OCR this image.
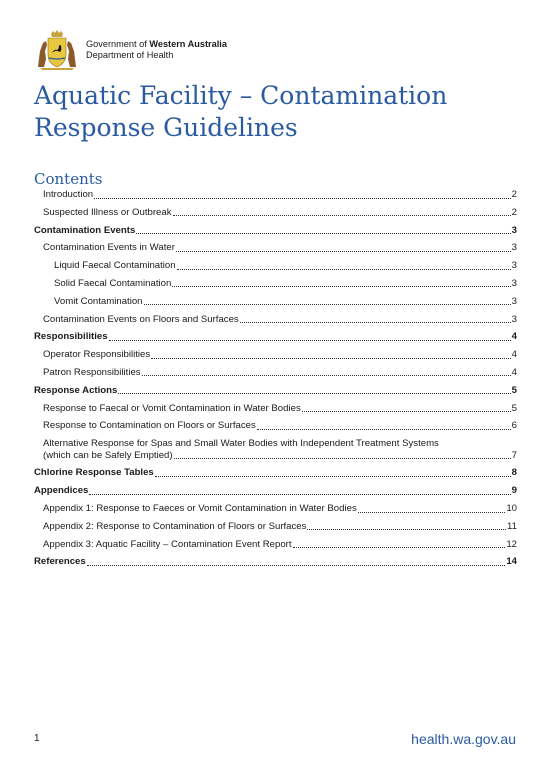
Government of Western Australia
Department of Health
Aquatic Facility – Contamination Response Guidelines
Contents
Introduction	2
Suspected Illness or Outbreak	2
Contamination Events	3
Contamination Events in Water	3
Liquid Faecal Contamination	3
Solid Faecal Contamination	3
Vomit Contamination	3
Contamination Events on Floors and Surfaces	3
Responsibilities	4
Operator Responsibilities	4
Patron Responsibilities	4
Response Actions	5
Response to Faecal or Vomit Contamination in Water Bodies	5
Response to Contamination on Floors or Surfaces	6
Alternative Response for Spas and Small Water Bodies with Independent Treatment Systems
(which can be Safely Emptied)	7
Chlorine Response Tables	8
Appendices	9
Appendix 1: Response to Faeces or Vomit Contamination in Water Bodies	10
Appendix 2: Response to Contamination of Floors or Surfaces	11
Appendix 3: Aquatic Facility – Contamination Event Report	12
References	14
1	health.wa.gov.au
